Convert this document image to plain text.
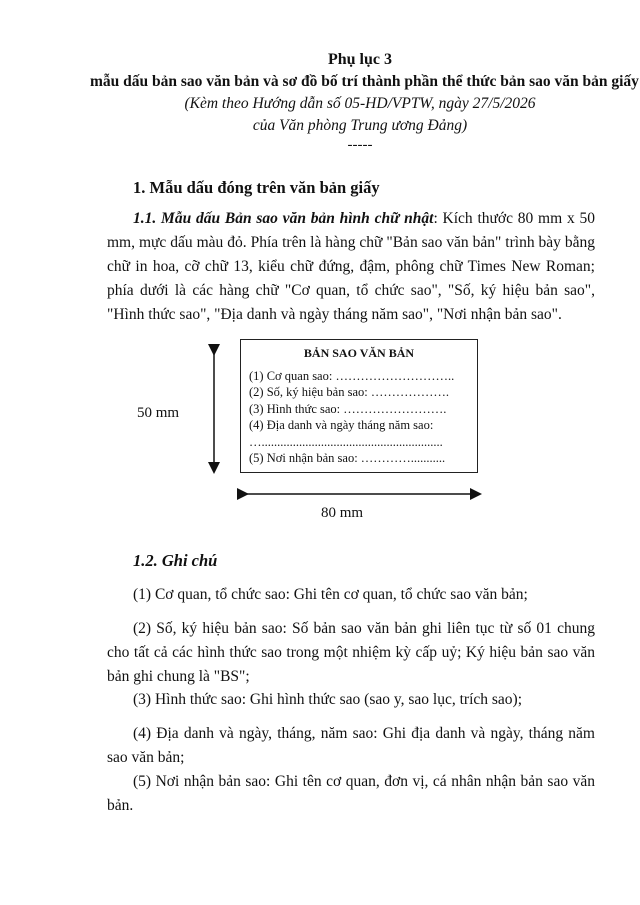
Phụ lục 3

mẫu dấu bản sao văn bản và sơ đồ bố trí thành phần thể thức bản sao văn bản giấy

(Kèm theo Hướng dẫn số 05-HD/VPTW, ngày 27/5/2026

của Văn phòng Trung ương Đảng)

-----

1. Mẫu dấu đóng trên văn bản giấy

1.1. Mẫu dấu Bản sao văn bản hình chữ nhật: Kích thước 80 mm x 50 mm, mực dấu màu đỏ. Phía trên là hàng chữ "Bản sao văn bản" trình bày bằng chữ in hoa, cỡ chữ 13, kiểu chữ đứng, đậm, phông chữ Times New Roman; phía dưới là các hàng chữ "Cơ quan, tổ chức sao", "Số, ký hiệu bản sao", "Hình thức sao", "Địa danh và ngày tháng năm sao", "Nơi nhận bản sao".

50 mm
80 mm
BẢN SAO VĂN BẢN
(1) Cơ quan sao: ………………………..
(2) Số, ký hiệu bản sao: ……………….
(3) Hình thức sao: …………………….
(4) Địa danh và ngày tháng năm sao:
…..........................................................
(5) Nơi nhận bản sao: …………...........
1.2. Ghi chú

(1) Cơ quan, tổ chức sao: Ghi tên cơ quan, tổ chức sao văn bản;

(2) Số, ký hiệu bản sao: Số bản sao văn bản ghi liên tục từ số 01 chung cho tất cả các hình thức sao trong một nhiệm kỳ cấp uỷ; Ký hiệu bản sao văn bản ghi chung là "BS";

(3) Hình thức sao: Ghi hình thức sao (sao y, sao lục, trích sao);

(4) Địa danh và ngày, tháng, năm sao: Ghi địa danh và ngày, tháng năm sao văn bản;

(5) Nơi nhận bản sao: Ghi tên cơ quan, đơn vị, cá nhân nhận bản sao văn bản.
